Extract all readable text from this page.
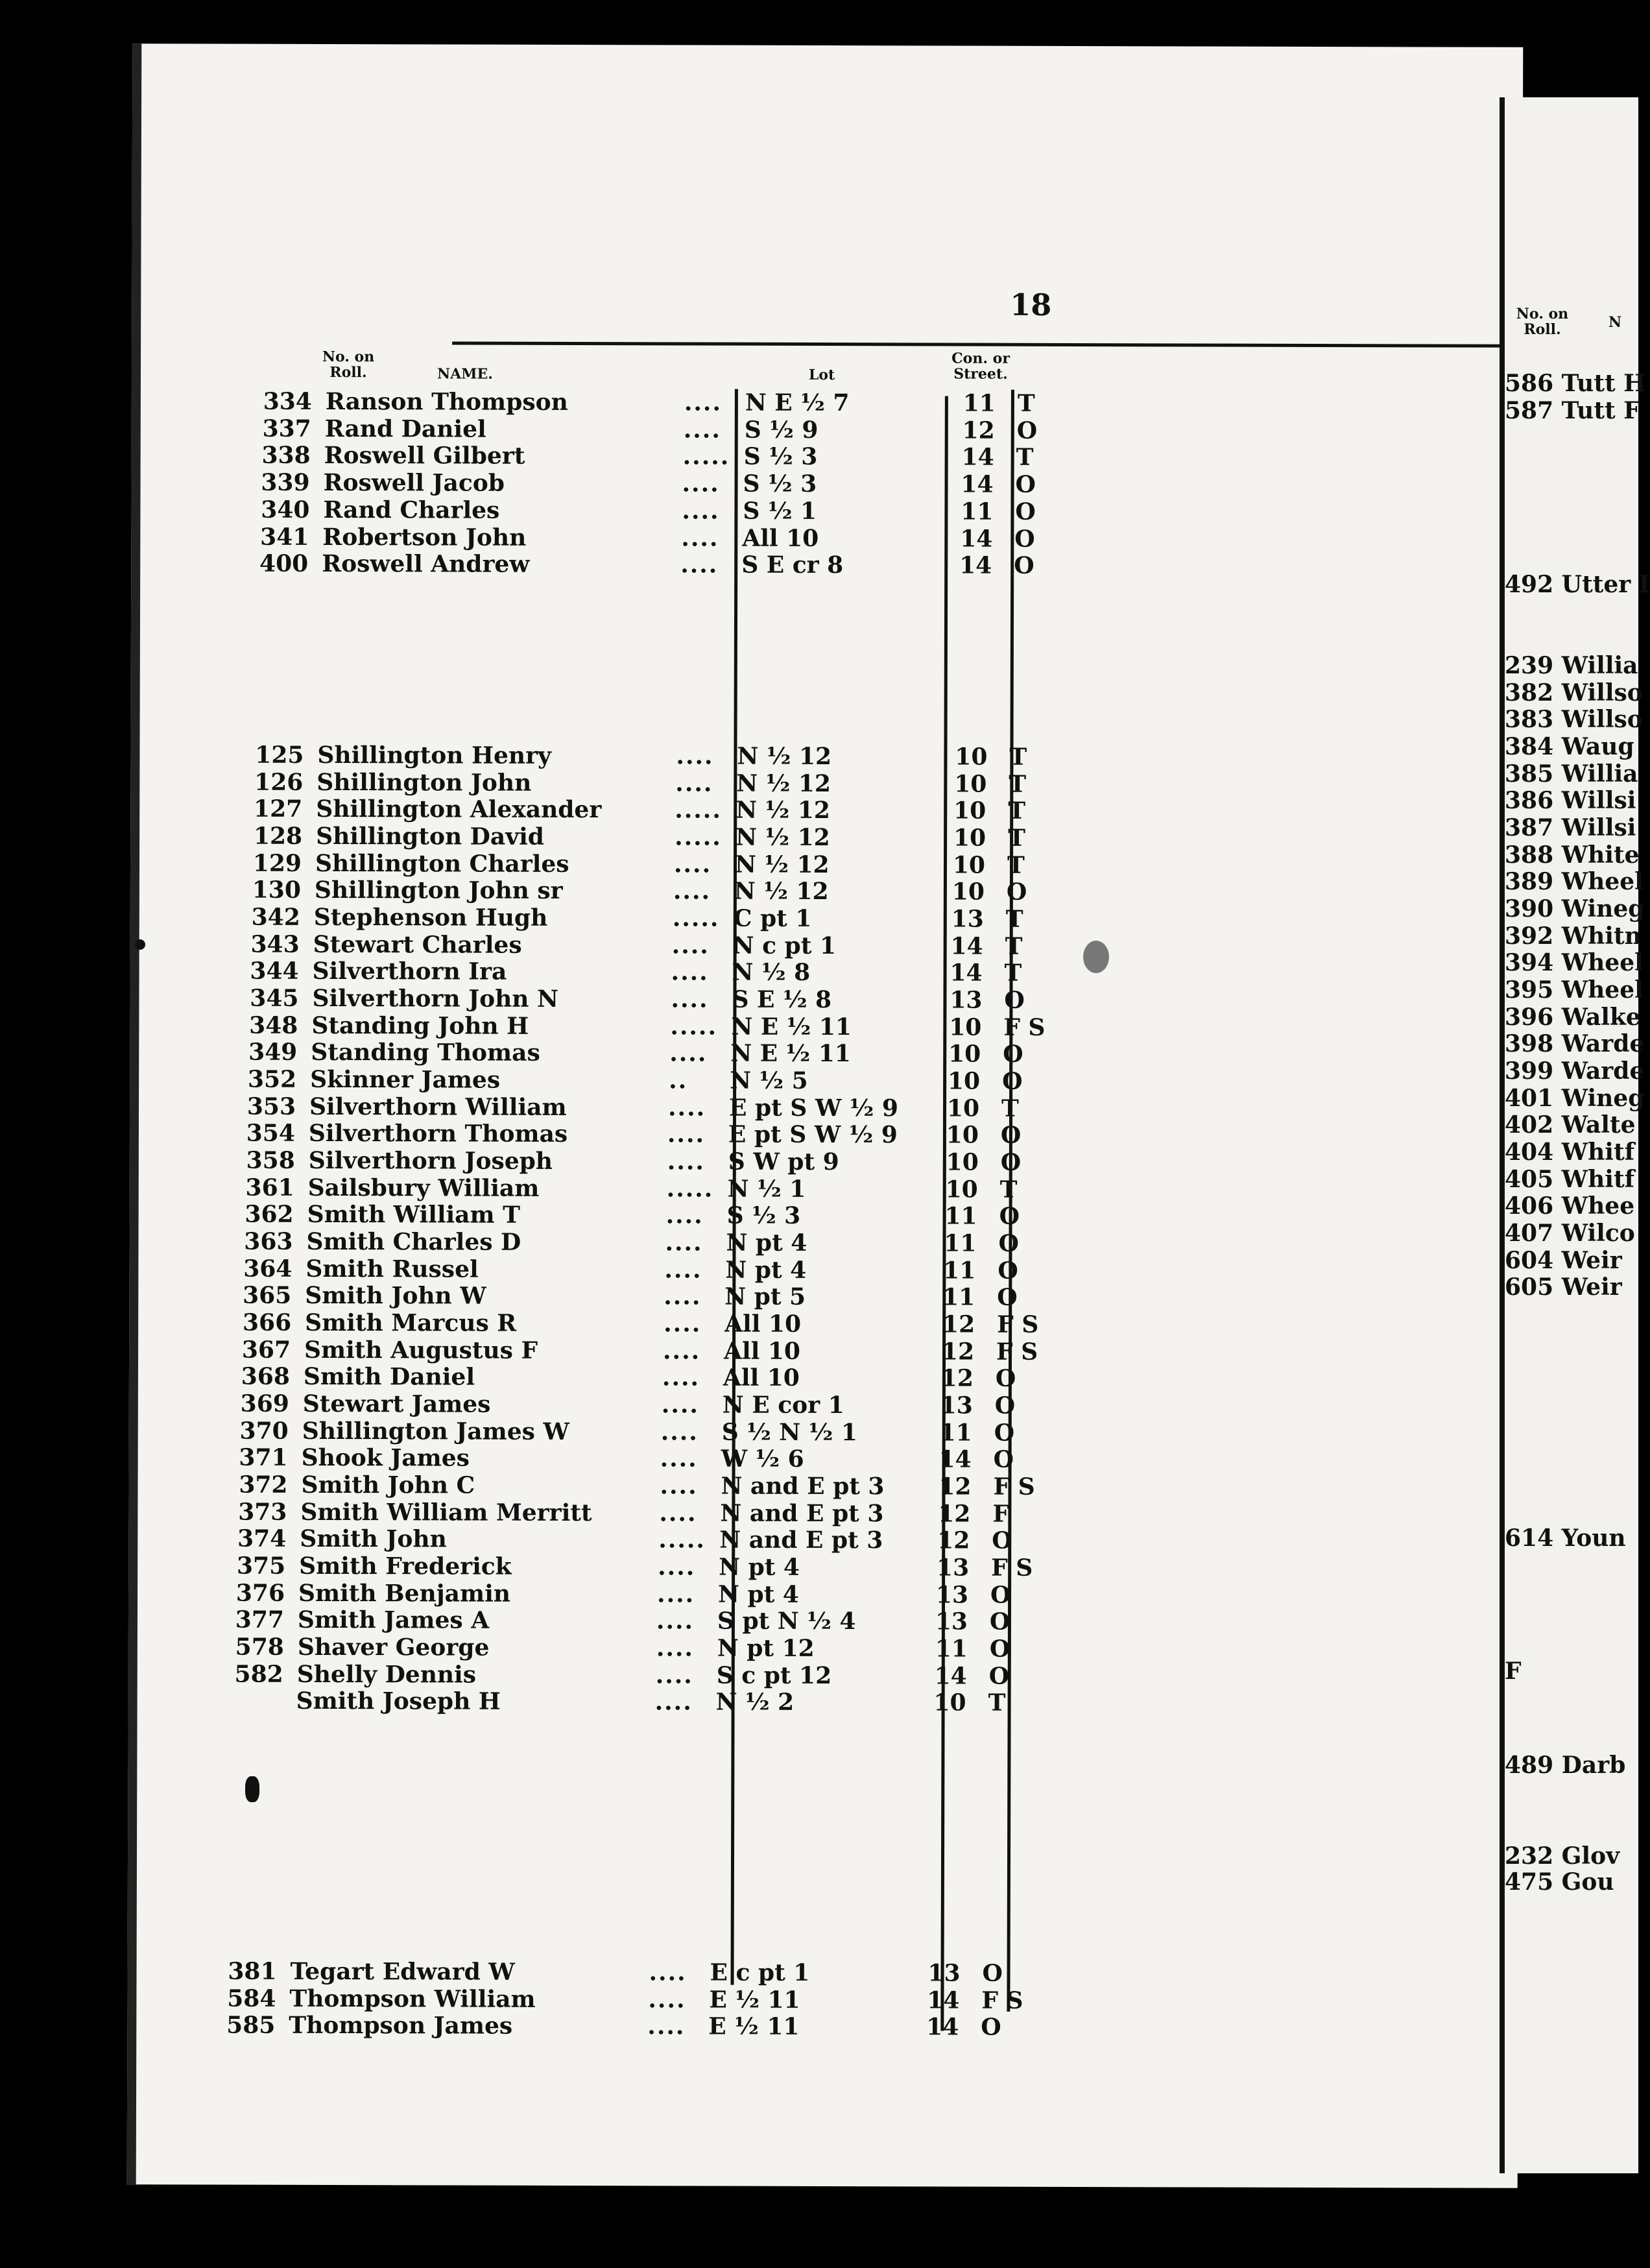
18
No. on Roll.	NAME.	Lot
Con. or Street.
334 Ranson Thompson	.... N E ½ 7	11 T
337 Rand Daniel	.... S ½ 9	12 O
338 Roswell Gilbert	..... S ½ 3	14 T
339 Roswell Jacob	.... S ½ 3	14 O
340 Rand Charles	.... S ½ 1	11 O
341 Robertson John	.... All 10	14 O
400 Roswell Andrew	.... S E cr 8	14 O
125 Shillington Henry	.... N ½ 12	10 T
126 Shillington John	.... N ½ 12	10 T
127 Shillington Alexander	..... N ½ 12	10 T
128 Shillington David	..... N ½ 12	10 T
129 Shillington Charles	.... N ½ 12	10 T
130 Shillington John sr	.... N ½ 12	10 O
342 Stephenson Hugh	..... C pt 1	13 T
343 Stewart Charles	.... N c pt 1	14 T
344 Silverthorn Ira	.... N ½ 8	14 T
345 Silverthorn John N	.... S E ½ 8	13 O
348 Standing John H	..... N E ½ 11	10 F S
349 Standing Thomas	.... N E ½ 11	10 O
352 Skinner James	.. N ½ 5	10 O
353 Silverthorn William	.... E pt S W ½ 9	10 T
354 Silverthorn Thomas	.... E pt S W ½ 9	10 O
358 Silverthorn Joseph	.... S W pt 9	10 O
361 Sailsbury William	..... N ½ 1	10 T
362 Smith William T	.... S ½ 3	11 O
363 Smith Charles D	.... N pt 4	11 O
364 Smith Russel	.... N pt 4	11 O
365 Smith John W	.... N pt 5	11 O
366 Smith Marcus R	.... All 10	12 F S
367 Smith Augustus F	.... All 10	12 F S
368 Smith Daniel	.... All 10	12 O
369 Stewart James	.... N E cor 1	13 O
370 Shillington James W	.... S ½ N ½ 1	11 O
371 Shook James	.... W ½ 6	14 O
372 Smith John C	.... N and E pt 3	12 F S
373 Smith William Merritt	.... N and E pt 3	12 F
374 Smith John	..... N and E pt 3	12 O
375 Smith Frederick	.... N pt 4	13 F S
376 Smith Benjamin	.... N pt 4	13 O
377 Smith James A	.... S pt N ½ 4	13 O
578 Shaver George	.... N pt 12	11 O
582 Shelly Dennis	.... S c pt 12	14 O
Smith Joseph H	.... N ½ 2	10 T
381 Tegart Edward W	.... E c pt 1	13 O
584 Thompson William	.... E ½ 11	14 F S
585 Thompson James	.... E ½ 11	14 O
No. on Roll.	N
586 Tutt H
587 Tutt F
492 Utter I
239 Willia
382 Willso
383 Willso
384 Waug
385 Willia
386 Willsi
387 Willsi
388 White
389 Wheel
390 Wineg
392 Whitn
394 Wheel
395 Wheel
396 Walke
398 Warde
399 Warde
401 Wineg
402 Walte
404 Whitf
405 Whitf
406 Whee
407 Wilco
604 Weir
605 Weir
614 Youn
F
489 Darb
232 Glov
475 Gou
